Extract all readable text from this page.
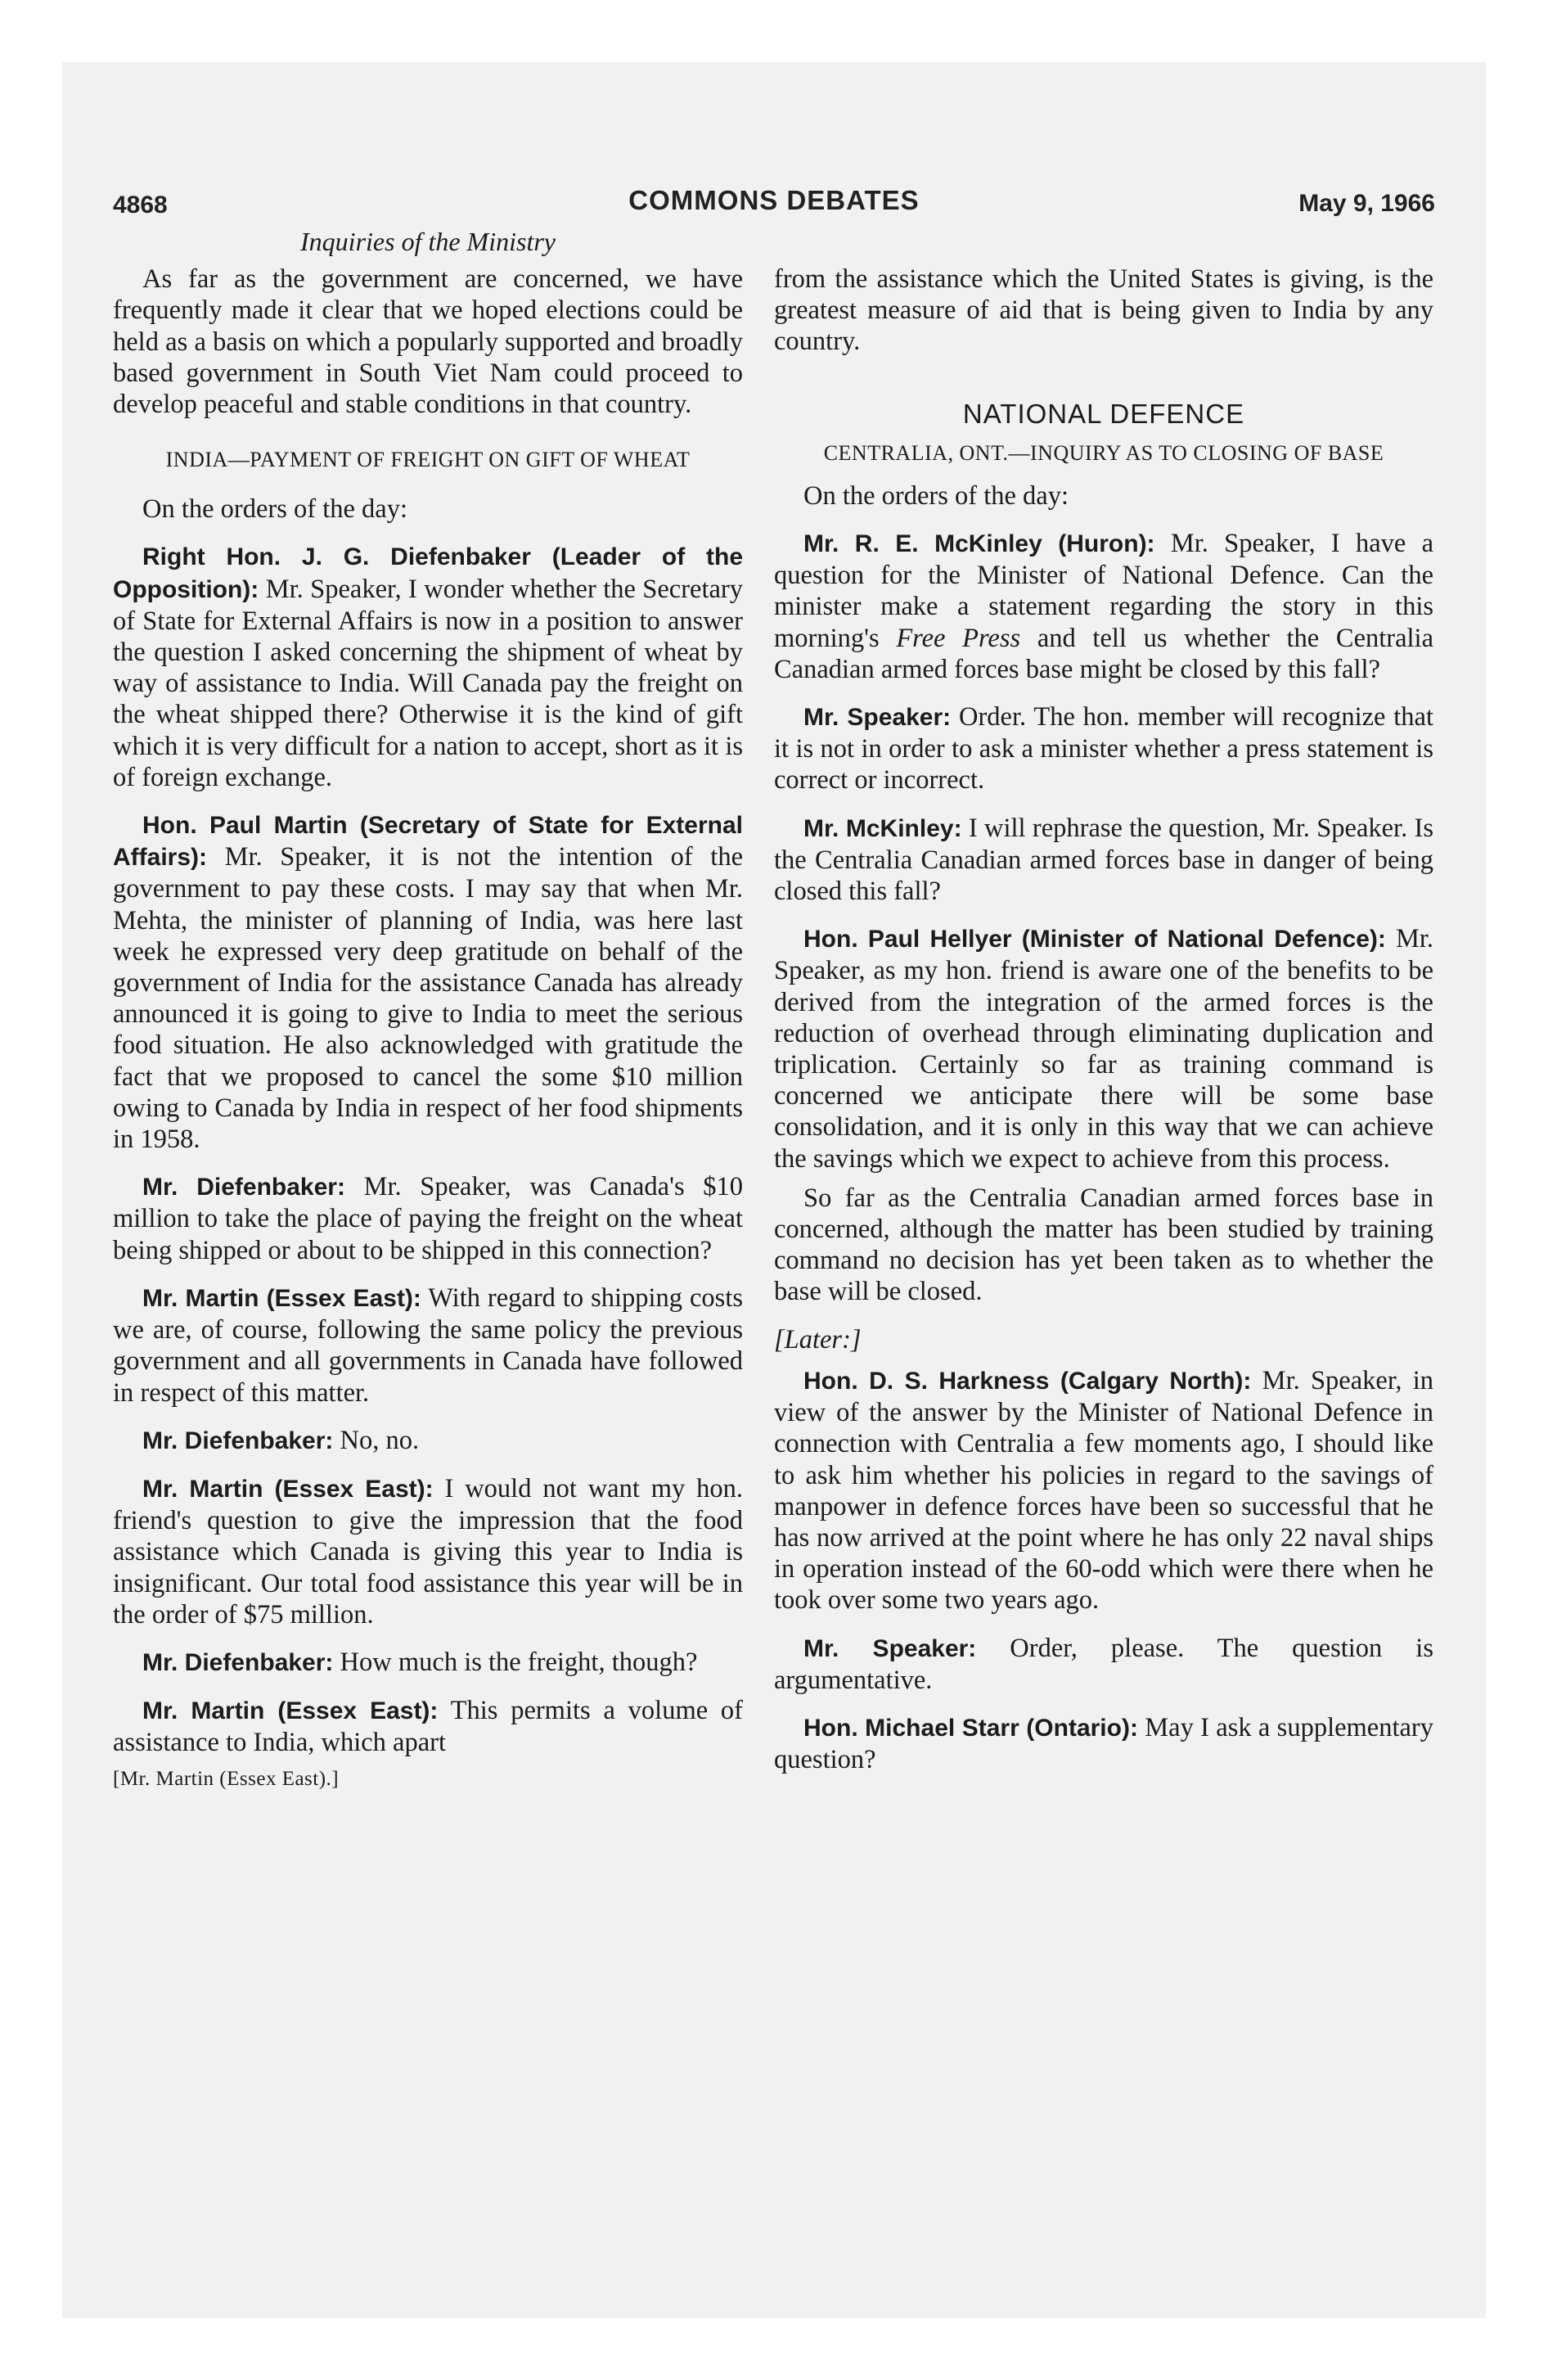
4868	COMMONS DEBATES	May 9, 1966
Inquiries of the Ministry

As far as the government are concerned, we have frequently made it clear that we hoped elections could be held as a basis on which a popularly supported and broadly based government in South Viet Nam could proceed to develop peaceful and stable conditions in that country.

INDIA—PAYMENT OF FREIGHT ON GIFT OF WHEAT

On the orders of the day:

Right Hon. J. G. Diefenbaker (Leader of the Opposition): Mr. Speaker, I wonder whether the Secretary of State for External Affairs is now in a position to answer the question I asked concerning the shipment of wheat by way of assistance to India. Will Canada pay the freight on the wheat shipped there? Otherwise it is the kind of gift which it is very difficult for a nation to accept, short as it is of foreign exchange.

Hon. Paul Martin (Secretary of State for External Affairs): Mr. Speaker, it is not the intention of the government to pay these costs. I may say that when Mr. Mehta, the minister of planning of India, was here last week he expressed very deep gratitude on behalf of the government of India for the assistance Canada has already announced it is going to give to India to meet the serious food situation. He also acknowledged with gratitude the fact that we proposed to cancel the some $10 million owing to Canada by India in respect of her food shipments in 1958.

Mr. Diefenbaker: Mr. Speaker, was Canada's $10 million to take the place of paying the freight on the wheat being shipped or about to be shipped in this connection?

Mr. Martin (Essex East): With regard to shipping costs we are, of course, following the same policy the previous government and all governments in Canada have followed in respect of this matter.

Mr. Diefenbaker: No, no.

Mr. Martin (Essex East): I would not want my hon. friend's question to give the impression that the food assistance which Canada is giving this year to India is insignificant. Our total food assistance this year will be in the order of $75 million.

Mr. Diefenbaker: How much is the freight, though?

Mr. Martin (Essex East): This permits a volume of assistance to India, which apart

[Mr. Martin (Essex East).]

from the assistance which the United States is giving, is the greatest measure of aid that is being given to India by any country.

NATIONAL DEFENCE
CENTRALIA, ONT.—INQUIRY AS TO CLOSING OF BASE

On the orders of the day:

Mr. R. E. McKinley (Huron): Mr. Speaker, I have a question for the Minister of National Defence. Can the minister make a statement regarding the story in this morning's Free Press and tell us whether the Centralia Canadian armed forces base might be closed by this fall?

Mr. Speaker: Order. The hon. member will recognize that it is not in order to ask a minister whether a press statement is correct or incorrect.

Mr. McKinley: I will rephrase the question, Mr. Speaker. Is the Centralia Canadian armed forces base in danger of being closed this fall?

Hon. Paul Hellyer (Minister of National Defence): Mr. Speaker, as my hon. friend is aware one of the benefits to be derived from the integration of the armed forces is the reduction of overhead through eliminating duplication and triplication. Certainly so far as training command is concerned we anticipate there will be some base consolidation, and it is only in this way that we can achieve the savings which we expect to achieve from this process.

So far as the Centralia Canadian armed forces base in concerned, although the matter has been studied by training command no decision has yet been taken as to whether the base will be closed.

[Later:]

Hon. D. S. Harkness (Calgary North): Mr. Speaker, in view of the answer by the Minister of National Defence in connection with Centralia a few moments ago, I should like to ask him whether his policies in regard to the savings of manpower in defence forces have been so successful that he has now arrived at the point where he has only 22 naval ships in operation instead of the 60-odd which were there when he took over some two years ago.

Mr. Speaker: Order, please. The question is argumentative.

Hon. Michael Starr (Ontario): May I ask a supplementary question?
